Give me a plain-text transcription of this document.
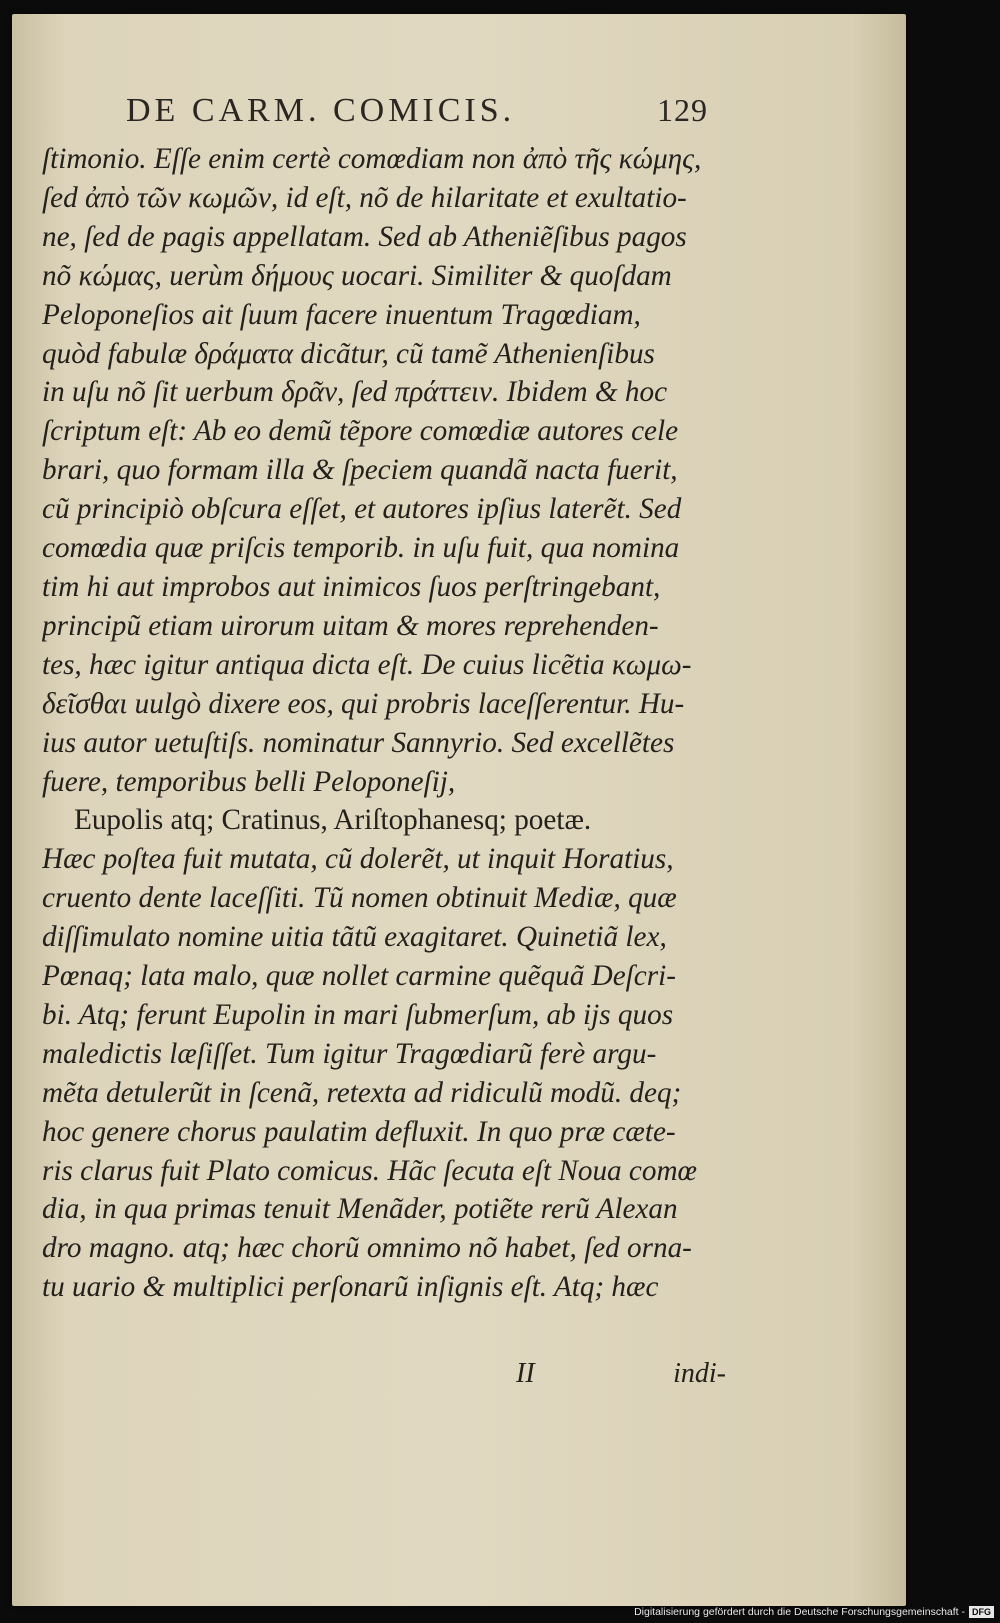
DE CARM. COMICIS.	129
ſtimonio. Eſſe enim certè comœdiam non ἀπὸ τῆς κώμης,
ſed ἀπὸ τῶν κωμῶν, id eſt, nõ de hilaritate et exultatio-
ne, ſed de pagis appellatam. Sed ab Atheniẽſibus pagos
nõ κώμας, uerùm δήμους uocari. Similiter & quoſdam
Peloponeſios ait ſuum facere inuentum Tragœdiam,
quòd fabulæ δράματα dicãtur, cũ tamẽ Athenienſibus
in uſu nõ ſit uerbum δρᾶν, ſed πράττειν. Ibidem & hoc
ſcriptum eſt: Ab eo demũ tẽpore comœdiæ autores cele
brari, quo formam illa & ſpeciem quandã nacta fuerit,
cũ principiò obſcura eſſet, et autores ipſius laterẽt. Sed
comœdia quæ priſcis temporib. in uſu fuit, qua nomina
tim hi aut improbos aut inimicos ſuos perſtringebant,
principũ etiam uirorum uitam & mores reprehenden-
tes, hæc igitur antiqua dicta eſt. De cuius licẽtia κωμω-
δεῖσθαι uulgò dixere eos, qui probris laceſſerentur. Hu-
ius autor uetuſtiſs. nominatur Sannyrio. Sed excellẽtes
fuere, temporibus belli Peloponeſij,
Eupolis atq; Cratinus, Ariſtophanesq; poetæ.
Hæc poſtea fuit mutata, cũ dolerẽt, ut inquit Horatius,
cruento dente laceſſiti. Tũ nomen obtinuit Mediæ, quæ
diſſimulato nomine uitia tãtũ exagitaret. Quinetiã lex,
Pœnaq; lata malo, quæ nollet carmine quẽquã Deſcri-
bi. Atq; ferunt Eupolin in mari ſubmerſum, ab ijs quos
maledictis læſiſſet. Tum igitur Tragœdiarũ ferè argu-
mẽta detulerũt in ſcenã, retexta ad ridiculũ modũ. deq;
hoc genere chorus paulatim defluxit. In quo præ cæte-
ris clarus fuit Plato comicus. Hãc ſecuta eſt Noua comœ
dia, in qua primas tenuit Menãder, potiẽte rerũ Alexan
dro magno. atq; hæc chorũ omnimo nõ habet, ſed orna-
tu uario & multiplici perſonarũ inſignis eſt. Atq; hæc
II	indi-
Digitalisierung gefördert durch die Deutsche Forschungsgemeinschaft - DFG
